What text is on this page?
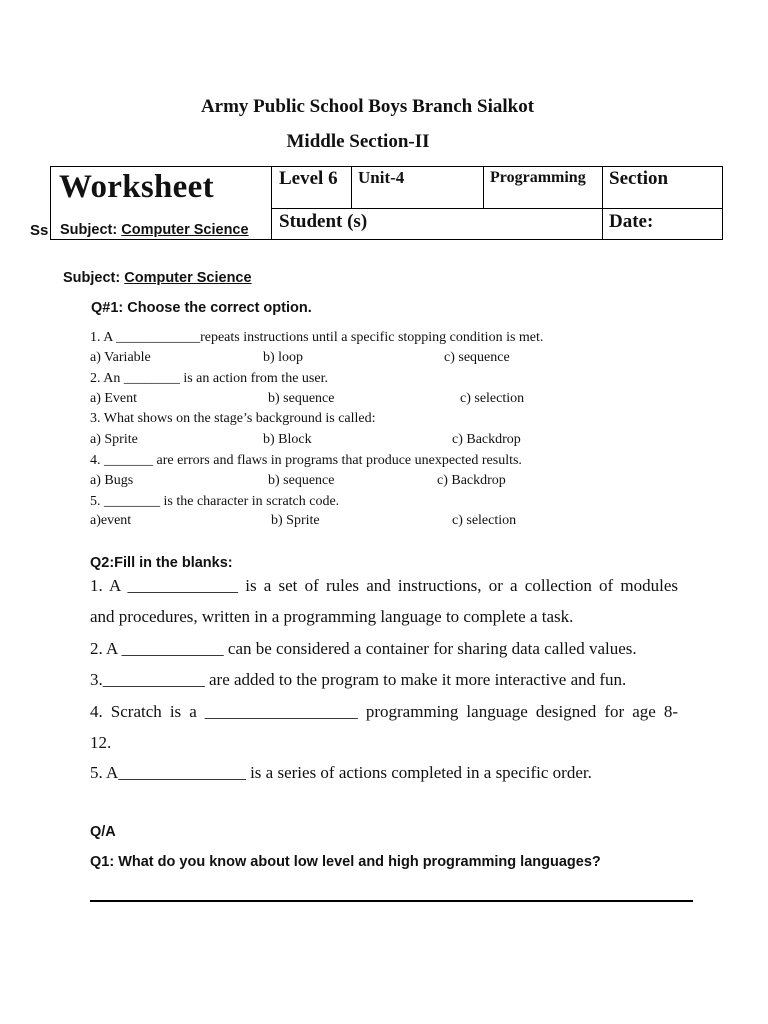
Army Public School Boys Branch Sialkot
Middle Section-II
Worksheet	Level 6 Unit-4	Programming	Section
Student (s)	Date:
Ss Subject: Computer Science
Subject: Computer Science
Q#1: Choose the correct option.
1. A ____________repeats instructions until a specific stopping condition is met.
a) Variable	b) loop	c) sequence
2. An ________ is an action from the user.
a) Event	b) sequence	c) selection
3. What shows on the stage’s background is called:
a) Sprite	b) Block	c) Backdrop
4. _______ are errors and flaws in programs that produce unexpected results.
a) Bugs	b) sequence	c) Backdrop
5. ________ is the character in scratch code.
a)event	b) Sprite	c) selection
Q2:Fill in the blanks:
1. A _____________ is a set of rules and instructions, or a collection of modules
and procedures, written in a programming language to complete a task.
2. A ____________ can be considered a container for sharing data called values.
3.____________ are added to the program to make it more interactive and fun.
4. Scratch is a __________________ programming language designed for age 8-
12.
5. A_______________ is a series of actions completed in a specific order.
Q/A
Q1: What do you know about low level and high programming languages?
